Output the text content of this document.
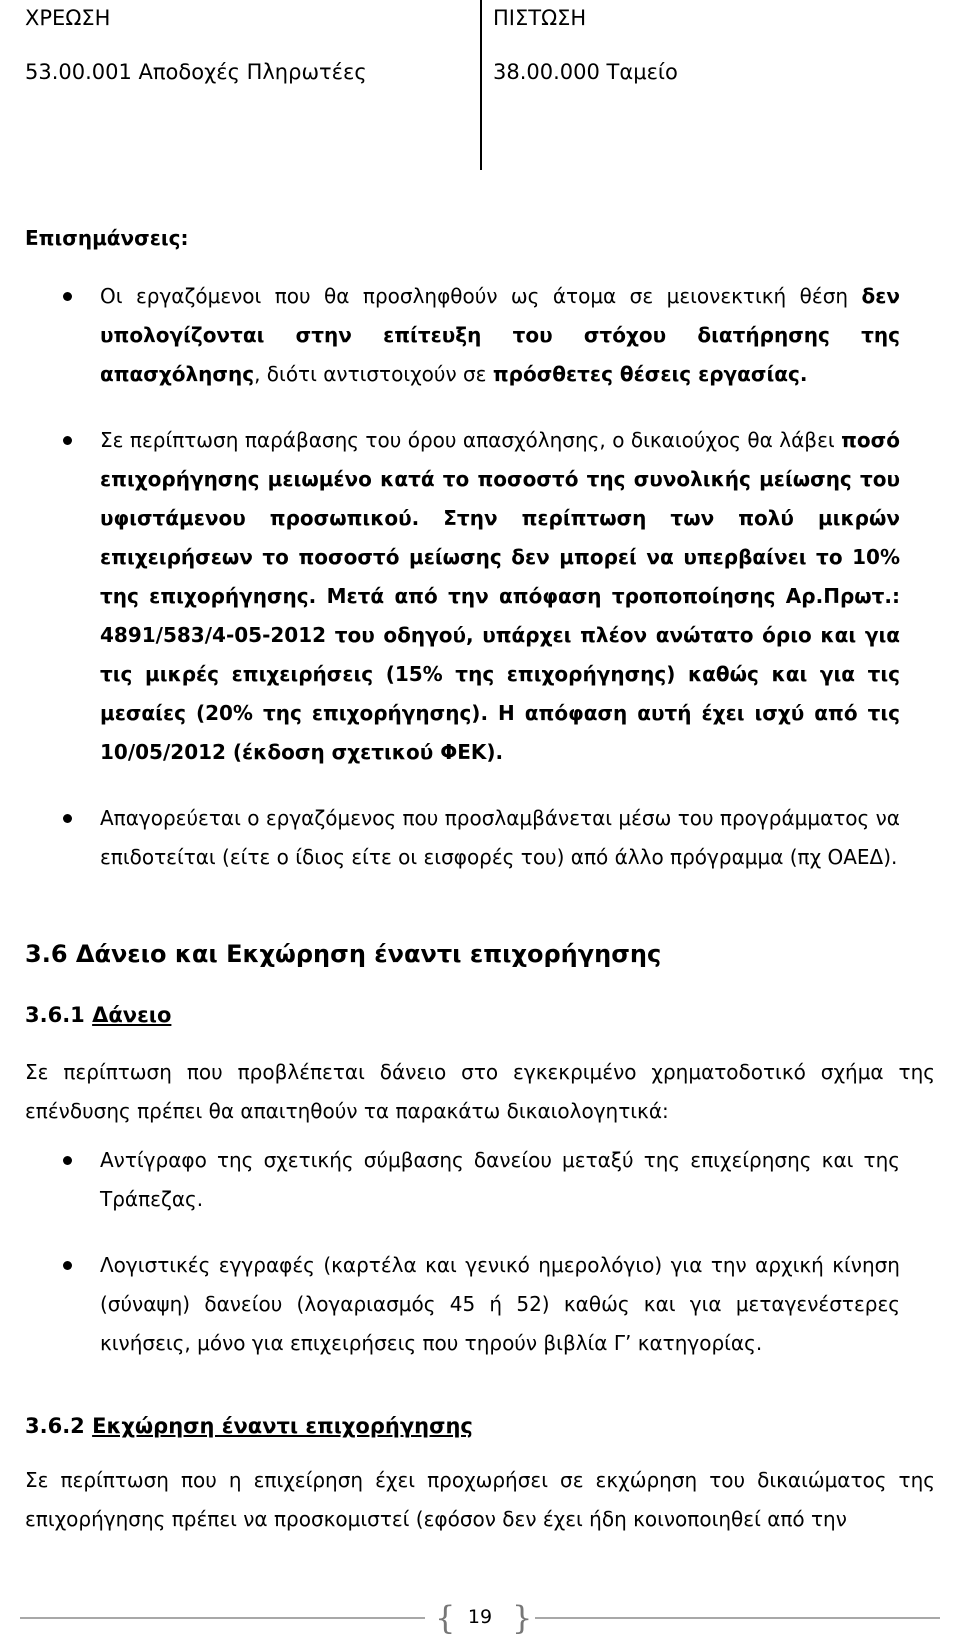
ΧΡΕΩΣΗ	ΠΙΣΤΩΣΗ
53.00.001 Αποδοχές Πληρωτέες	38.00.000 Ταμείο
Επισημάνσεις:

Οι εργαζόμενοι που θα προσληφθούν ως άτομα σε μειονεκτική θέση δεν υπολογίζονται στην επίτευξη του στόχου διατήρησης της απασχόλησης, διότι αντιστοιχούν σε πρόσθετες θέσεις εργασίας.

Σε περίπτωση παράβασης του όρου απασχόλησης, ο δικαιούχος θα λάβει ποσό επιχορήγησης μειωμένο κατά το ποσοστό της συνολικής μείωσης του υφιστάμενου προσωπικού. Στην περίπτωση των πολύ μικρών επιχειρήσεων το ποσοστό μείωσης δεν μπορεί να υπερβαίνει το 10% της επιχορήγησης. Μετά από την απόφαση τροποποίησης Αρ.Πρωτ.: 4891/583/4-05-2012 του οδηγού, υπάρχει πλέον ανώτατο όριο και για τις μικρές επιχειρήσεις (15% της επιχορήγησης) καθώς και για τις μεσαίες (20% της επιχορήγησης). Η απόφαση αυτή έχει ισχύ από τις 10/05/2012 (έκδοση σχετικού ΦΕΚ).

Απαγορεύεται ο εργαζόμενος που προσλαμβάνεται μέσω του προγράμματος να επιδοτείται (είτε ο ίδιος είτε οι εισφορές του) από άλλο πρόγραμμα (πχ ΟΑΕΔ).

3.6 Δάνειο και Εκχώρηση έναντι επιχορήγησης
3.6.1 Δάνειο

Σε περίπτωση που προβλέπεται δάνειο στο εγκεκριμένο χρηματοδοτικό σχήμα της επένδυσης πρέπει θα απαιτηθούν τα παρακάτω δικαιολογητικά:

Αντίγραφο της σχετικής σύμβασης δανείου μεταξύ της επιχείρησης και της Τράπεζας.

Λογιστικές εγγραφές (καρτέλα και γενικό ημερολόγιο) για την αρχική κίνηση (σύναψη) δανείου (λογαριασμός 45 ή 52) καθώς και για μεταγενέστερες κινήσεις, μόνο για επιχειρήσεις που τηρούν βιβλία Γ’ κατηγορίας.

3.6.2 Εκχώρηση έναντι επιχορήγησης

Σε περίπτωση που η επιχείρηση έχει προχωρήσει σε εκχώρηση του δικαιώματος της επιχορήγησης πρέπει να προσκομιστεί (εφόσον δεν έχει ήδη κοινοποιηθεί από την

{ 19 }
